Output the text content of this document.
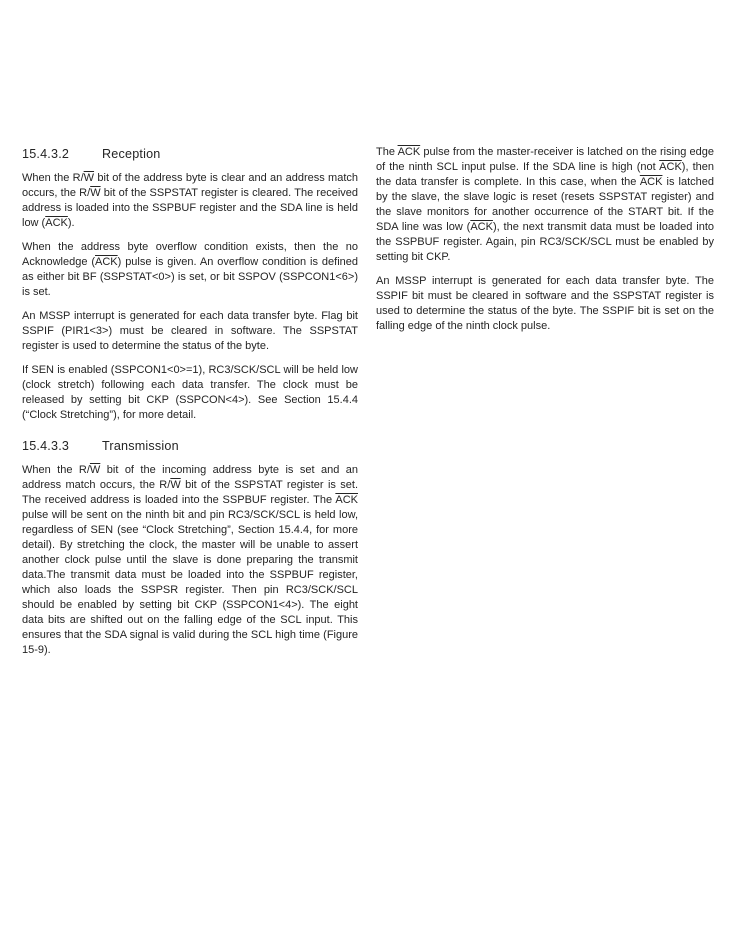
15.4.3.2	Reception

When the $R/\overline{W}$ bit of the address byte is clear and an address match occurs, the $R/\overline{W}$ bit of the SSPSTAT register is cleared. The received address is loaded into the SSPBUF register and the SDA line is held low $(\overline{ACK})$.

When the address byte overflow condition exists, then the no Acknowledge $(\overline{ACK})$ pulse is given. An overflow condition is defined as either bit BF (SSPSTAT<0>) is set, or bit SSPOV (SSPCON1<6>) is set.

An MSSP interrupt is generated for each data transfer byte. Flag bit SSPIF (PIR1<3>) must be cleared in software. The SSPSTAT register is used to determine the status of the byte.

If SEN is enabled (SSPCON1<0>=1), RC3/SCK/SCL will be held low (clock stretch) following each data transfer. The clock must be released by setting bit CKP (SSPCON<4>). See Section 15.4.4 (“Clock Stretching”), for more detail.

15.4.3.3	Transmission

When the $R/\overline{W}$ bit of the incoming address byte is set and an address match occurs, the $R/\overline{W}$ bit of the SSPSTAT register is set. The received address is loaded into the SSPBUF register. The $\overline{ACK}$ pulse will be sent on the ninth bit and pin RC3/SCK/SCL is held low, regardless of SEN (see “Clock Stretching”, Section 15.4.4, for more detail). By stretching the clock, the master will be unable to assert another clock pulse until the slave is done preparing the transmit data.The transmit data must be loaded into the SSPBUF register, which also loads the SSPSR register. Then pin RC3/SCK/SCL should be enabled by setting bit CKP (SSPCON1<4>). The eight data bits are shifted out on the falling edge of the SCL input. This ensures that the SDA signal is valid during the SCL high time (Figure 15-9).

The $\overline{ACK}$ pulse from the master-receiver is latched on the rising edge of the ninth SCL input pulse. If the SDA line is high (not $\overline{ACK}$), then the data transfer is complete. In this case, when the $\overline{ACK}$ is latched by the slave, the slave logic is reset (resets SSPSTAT register) and the slave monitors for another occurrence of the START bit. If the SDA line was low $(\overline{ACK})$, the next transmit data must be loaded into the SSPBUF register. Again, pin RC3/SCK/SCL must be enabled by setting bit CKP.

An MSSP interrupt is generated for each data transfer byte. The SSPIF bit must be cleared in software and the SSPSTAT register is used to determine the status of the byte. The SSPIF bit is set on the falling edge of the ninth clock pulse.
